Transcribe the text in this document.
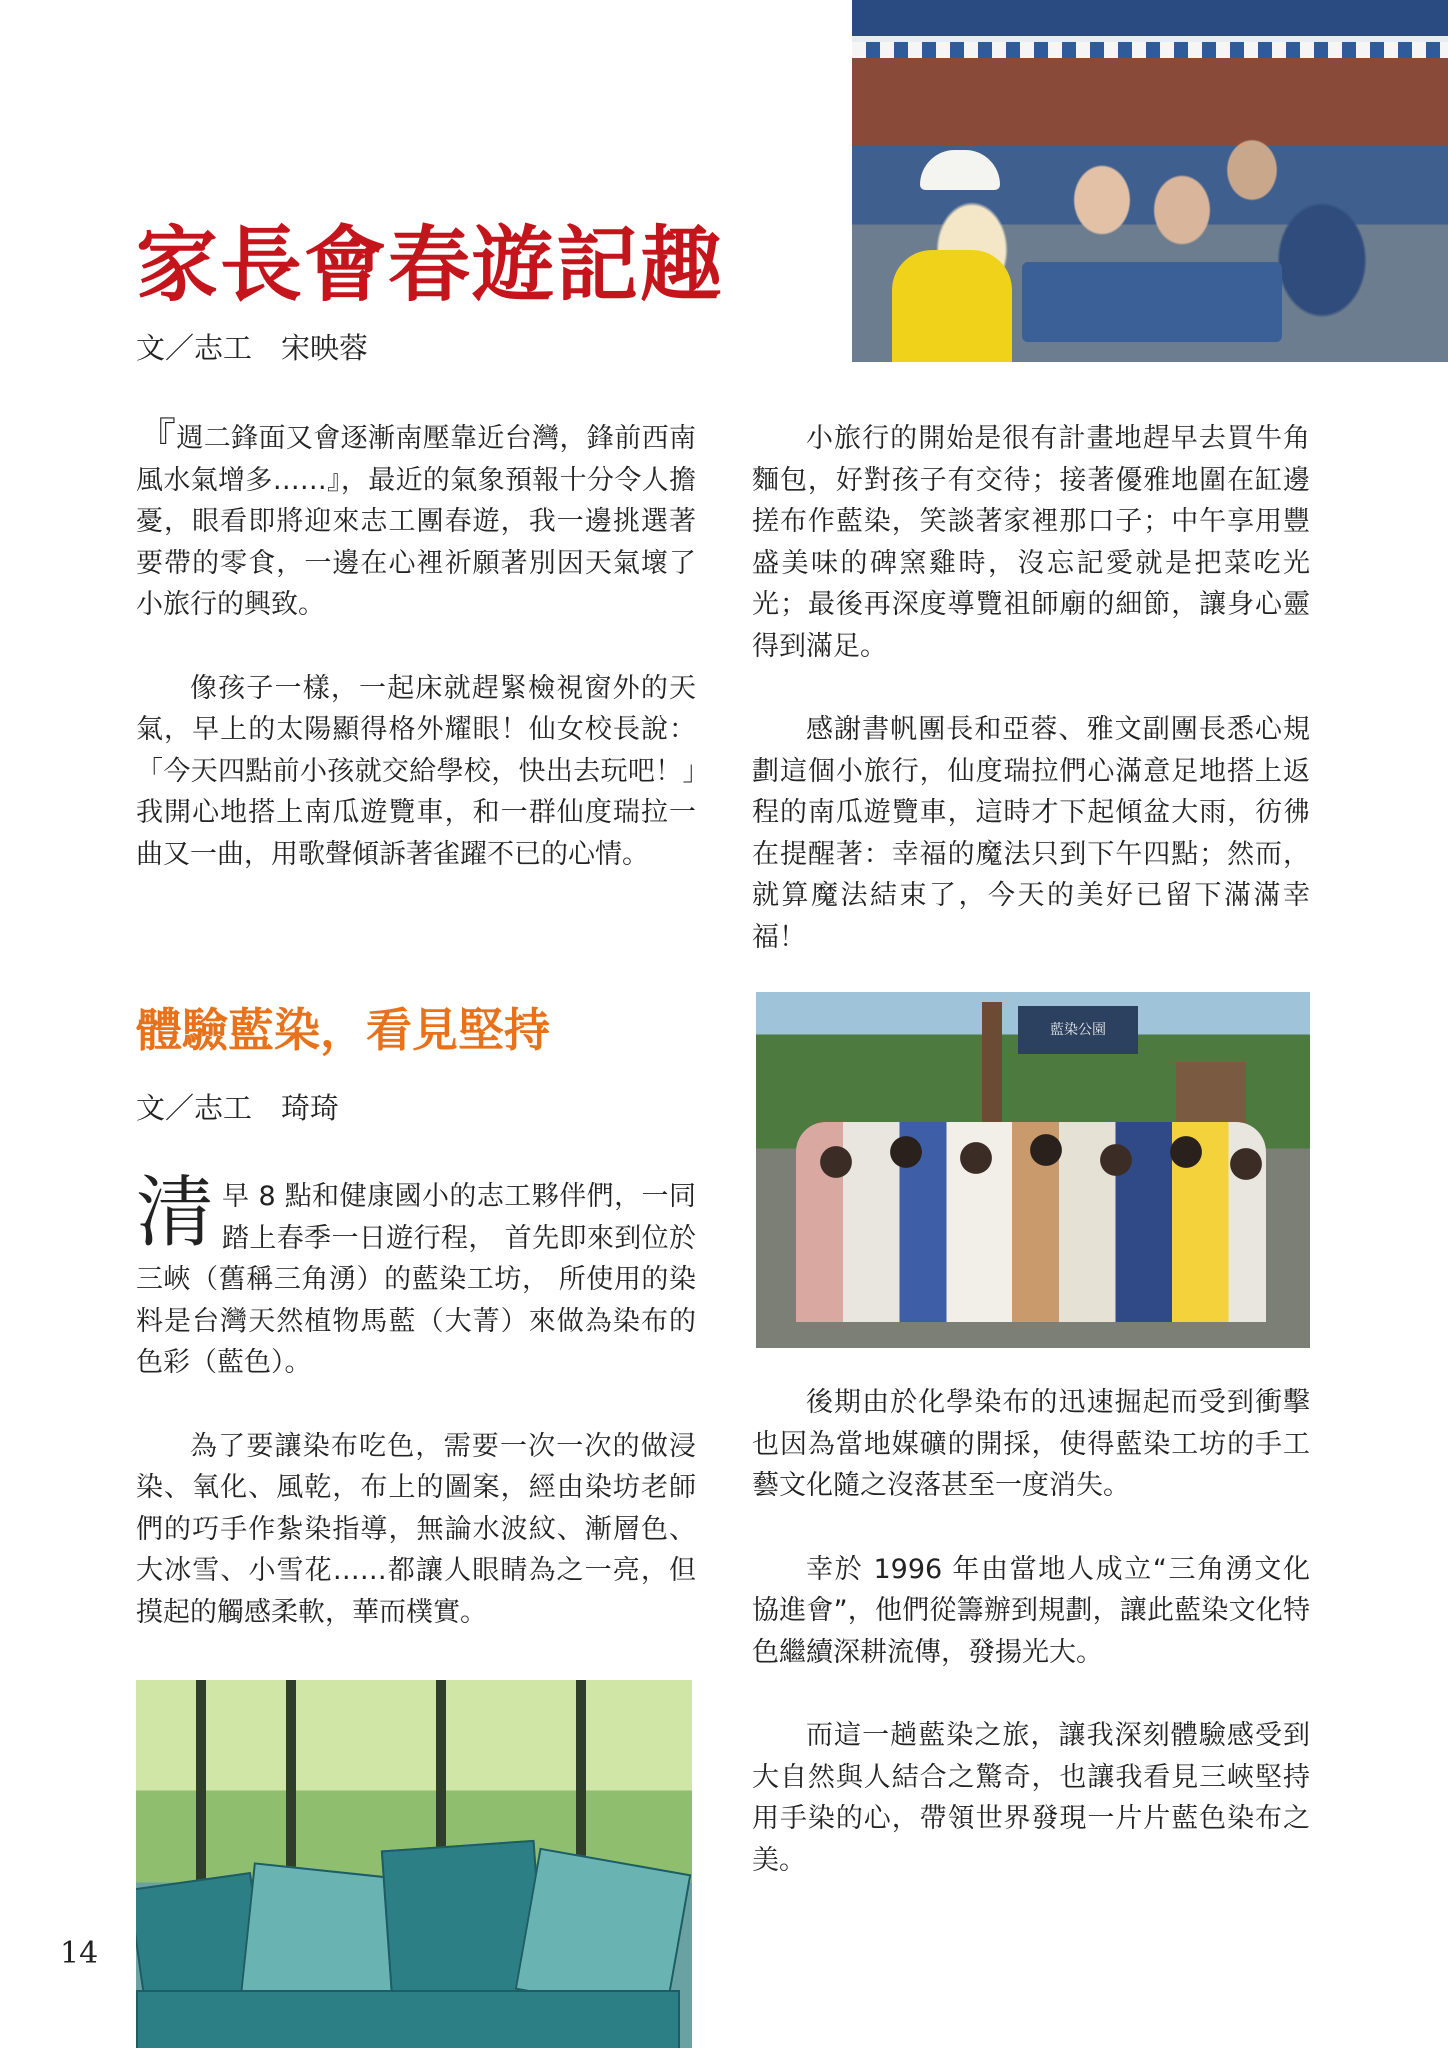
藍染公園
家長會春遊記趣
文／志工　宋映蓉

『週二鋒面又會逐漸南壓靠近台灣，鋒前西南風水氣增多……』，最近的氣象預報十分令人擔憂，眼看即將迎來志工團春遊，我一邊挑選著要帶的零食，一邊在心裡祈願著別因天氣壞了小旅行的興致。

像孩子一樣，一起床就趕緊檢視窗外的天氣，早上的太陽顯得格外耀眼！仙女校長說：「今天四點前小孩就交給學校，快出去玩吧！」我開心地搭上南瓜遊覽車，和一群仙度瑞拉一曲又一曲，用歌聲傾訴著雀躍不已的心情。

小旅行的開始是很有計畫地趕早去買牛角麵包，好對孩子有交待；接著優雅地圍在缸邊搓布作藍染，笑談著家裡那口子；中午享用豐盛美味的碑窯雞時，沒忘記愛就是把菜吃光光；最後再深度導覽祖師廟的細節，讓身心靈得到滿足。

感謝書帆團長和亞蓉、雅文副團長悉心規劃這個小旅行，仙度瑞拉們心滿意足地搭上返程的南瓜遊覽車，這時才下起傾盆大雨，彷彿在提醒著：幸福的魔法只到下午四點；然而，就算魔法結束了，今天的美好已留下滿滿幸福！

體驗藍染，看見堅持
文／志工　琦琦

清早 8 點和健康國小的志工夥伴們，一同踏上春季一日遊行程， 首先即來到位於三峽（舊稱三角湧）的藍染工坊， 所使用的染料是台灣天然植物馬藍（大菁）來做為染布的色彩（藍色）。

為了要讓染布吃色，需要一次一次的做浸染、氧化、風乾，布上的圖案，經由染坊老師們的巧手作紮染指導，無論水波紋、漸層色、大冰雪、小雪花……都讓人眼睛為之一亮，但摸起的觸感柔軟，華而樸實。

後期由於化學染布的迅速掘起而受到衝擊也因為當地媒礦的開採，使得藍染工坊的手工藝文化隨之沒落甚至一度消失。

幸於 1996 年由當地人成立“三角湧文化協進會”，他們從籌辦到規劃，讓此藍染文化特色繼續深耕流傳，發揚光大。

而這一趟藍染之旅，讓我深刻體驗感受到大自然與人結合之驚奇，也讓我看見三峽堅持用手染的心，帶領世界發現一片片藍色染布之美。

14
